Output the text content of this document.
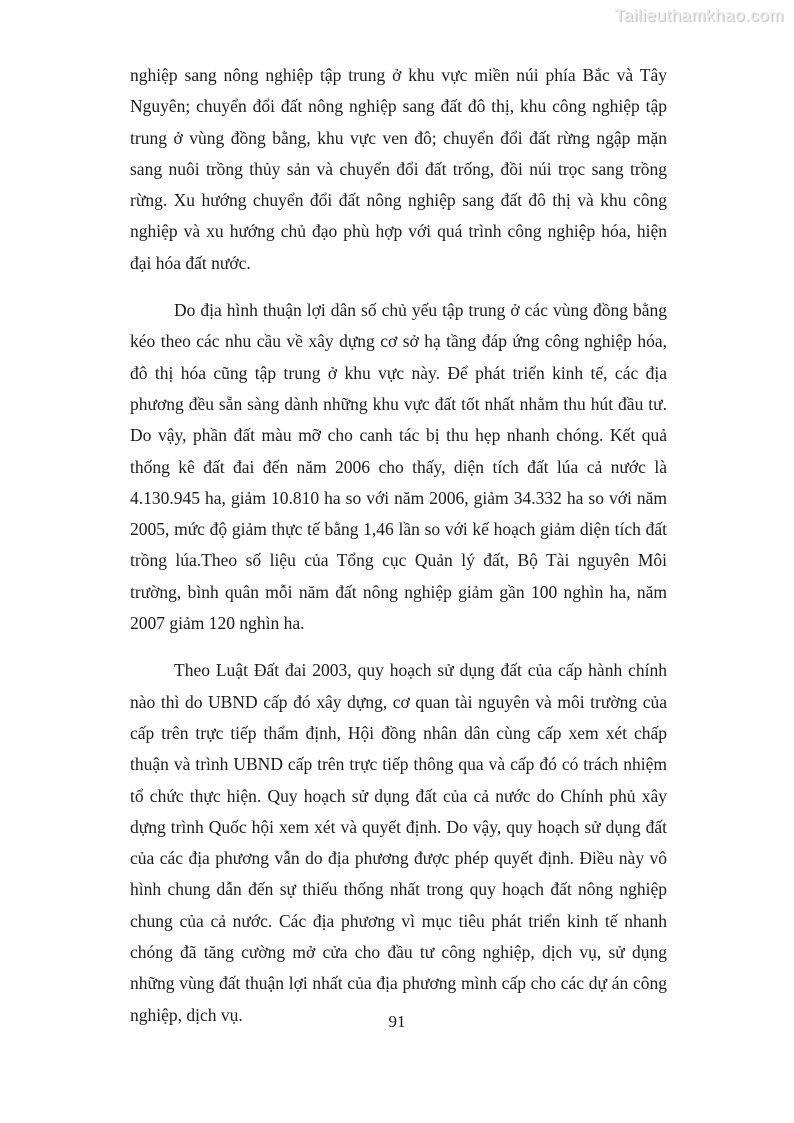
Tailieuthamkhao.com

nghiệp sang nông nghiệp tập trung ở khu vực miền núi phía Bắc và Tây Nguyên; chuyển đổi đất nông nghiệp sang đất đô thị, khu công nghiệp tập trung ở vùng đồng bằng, khu vực ven đô; chuyển đổi đất rừng ngập mặn sang nuôi trồng thủy sản và chuyển đổi đất trống, đồi núi trọc sang trồng rừng. Xu hướng chuyển đổi đất nông nghiệp sang đất đô thị và khu công nghiệp và xu hướng chủ đạo phù hợp với quá trình công nghiệp hóa, hiện đại hóa đất nước.

Do địa hình thuận lợi dân số chủ yếu tập trung ở các vùng đồng bằng kéo theo các nhu cầu về xây dựng cơ sở hạ tầng đáp ứng công nghiệp hóa, đô thị hóa cũng tập trung ở khu vực này. Để phát triển kinh tế, các địa phương đều sẵn sàng dành những khu vực đất tốt nhất nhằm thu hút đầu tư. Do vậy, phần đất màu mỡ cho canh tác bị thu hẹp nhanh chóng. Kết quả thống kê đất đai đến năm 2006 cho thấy, diện tích đất lúa cả nước là 4.130.945 ha, giảm 10.810 ha so với năm 2006, giảm 34.332 ha so với năm 2005, mức độ giảm thực tế bằng 1,46 lần so với kế hoạch giảm diện tích đất trồng lúa.Theo số liệu của Tổng cục Quản lý đất, Bộ Tài nguyên Môi trường, bình quân mỗi năm đất nông nghiệp giảm gần 100 nghìn ha, năm 2007 giảm 120 nghìn ha.

Theo Luật Đất đai 2003, quy hoạch sử dụng đất của cấp hành chính nào thì do UBND cấp đó xây dựng, cơ quan tài nguyên và môi trường của cấp trên trực tiếp thẩm định, Hội đồng nhân dân cùng cấp xem xét chấp thuận và trình UBND cấp trên trực tiếp thông qua và cấp đó có trách nhiệm tổ chức thực hiện. Quy hoạch sử dụng đất của cả nước do Chính phủ xây dựng trình Quốc hội xem xét và quyết định. Do vậy, quy hoạch sử dụng đất của các địa phương vẫn do địa phương được phép quyết định. Điều này vô hình chung dẫn đến sự thiếu thống nhất trong quy hoạch đất nông nghiệp chung của cả nước. Các địa phương vì mục tiêu phát triển kinh tế nhanh chóng đã tăng cường mở cửa cho đầu tư công nghiệp, dịch vụ, sử dụng những vùng đất thuận lợi nhất của địa phương mình cấp cho các dự án công nghiệp, dịch vụ.	91
